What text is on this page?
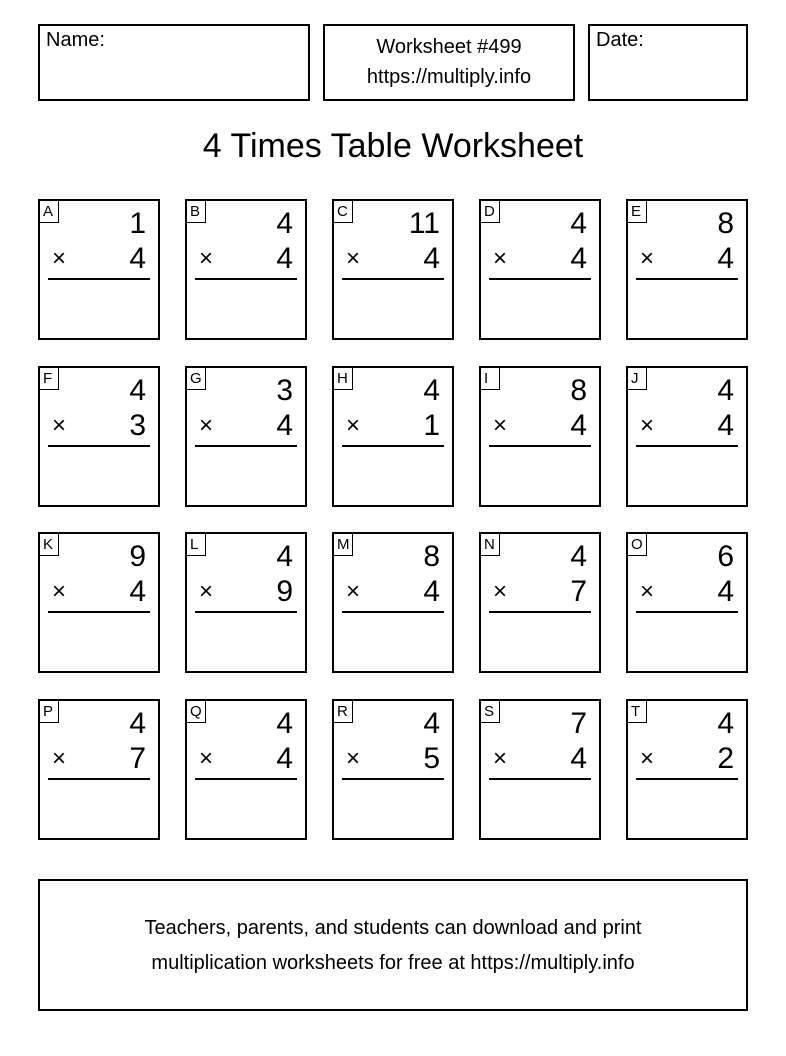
Name:	Worksheet #499
https://multiply.info
Date:
4 Times Table Worksheet
A	1
× 4
B	4
× 4
C 11
× 4
D	4
× 4
E	8
× 4
F	4
× 3
G 3
× 4
H	4
× 1
I	8
× 4
J	4
× 4
K	9
× 4
L	4
× 9
M 8
× 4
N	4
× 7
O 6
× 4
P	4
× 7
Q 4
× 4
R	4
× 5
S	7
× 4
T	4
× 2
Teachers, parents, and students can download and print
multiplication worksheets for free at https://multiply.info
